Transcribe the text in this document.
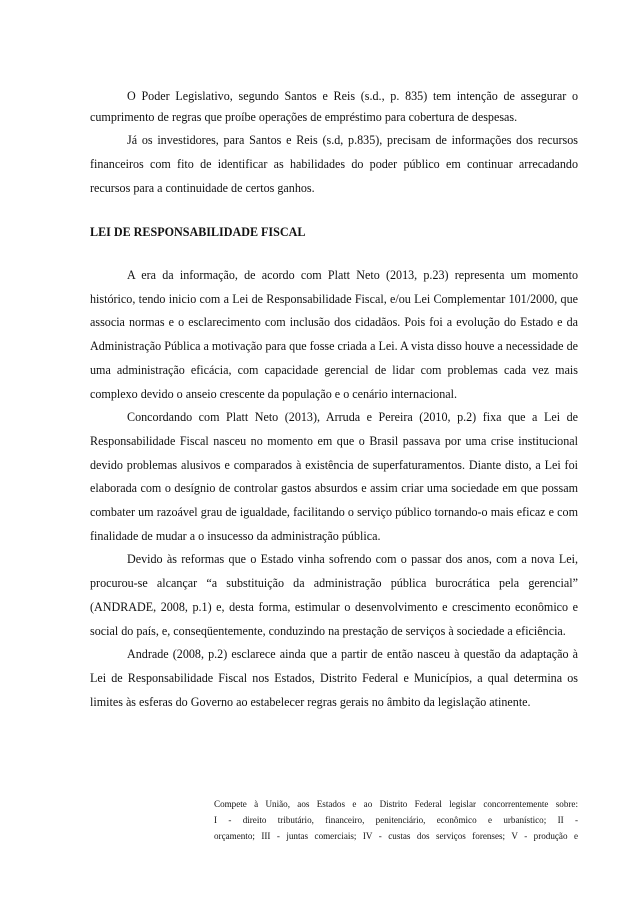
O Poder Legislativo, segundo Santos e Reis (s.d., p. 835) tem intenção de assegurar o cumprimento de regras que proíbe operações de empréstimo para cobertura de despesas.

Já os investidores, para Santos e Reis (s.d, p.835), precisam de informações dos recursos financeiros com fito de identificar as habilidades do poder público em continuar arrecadando recursos para a continuidade de certos ganhos.

LEI DE RESPONSABILIDADE FISCAL

A era da informação, de acordo com Platt Neto (2013, p.23) representa um momento histórico, tendo inicio com a Lei de Responsabilidade Fiscal, e/ou Lei Complementar 101/2000, que associa normas e o esclarecimento com inclusão dos cidadãos. Pois foi a evolução do Estado e da Administração Pública a motivação para que fosse criada a Lei. A vista disso houve a necessidade de uma administração eficácia, com capacidade gerencial de lidar com problemas cada vez mais complexo devido o anseio crescente da população e o cenário internacional.

Concordando com Platt Neto (2013), Arruda e Pereira (2010, p.2) fixa que a Lei de Responsabilidade Fiscal nasceu no momento em que o Brasil passava por uma crise institucional devido problemas alusivos e comparados à existência de superfaturamentos. Diante disto, a Lei foi elaborada com o desígnio de controlar gastos absurdos e assim criar uma sociedade em que possam combater um razoável grau de igualdade, facilitando o serviço público tornando-o mais eficaz e com finalidade de mudar a o insucesso da administração pública.

Devido às reformas que o Estado vinha sofrendo com o passar dos anos, com a nova Lei, procurou-se alcançar “a substituição da administração pública burocrática pela gerencial” (ANDRADE, 2008, p.1) e, desta forma, estimular o desenvolvimento e crescimento econômico e social do país, e, conseqüentemente, conduzindo na prestação de serviços à sociedade a eficiência.

Andrade (2008, p.2) esclarece ainda que a partir de então nasceu à questão da adaptação à Lei de Responsabilidade Fiscal nos Estados, Distrito Federal e Municípios, a qual determina os limites às esferas do Governo ao estabelecer regras gerais no âmbito da legislação atinente.

Compete à União, aos Estados e ao Distrito Federal legislar concorrentemente sobre:
I - direito tributário, financeiro, penitenciário, econômico e urbanístico; II -
orçamento; III - juntas comerciais; IV - custas dos serviços forenses; V - produção e
